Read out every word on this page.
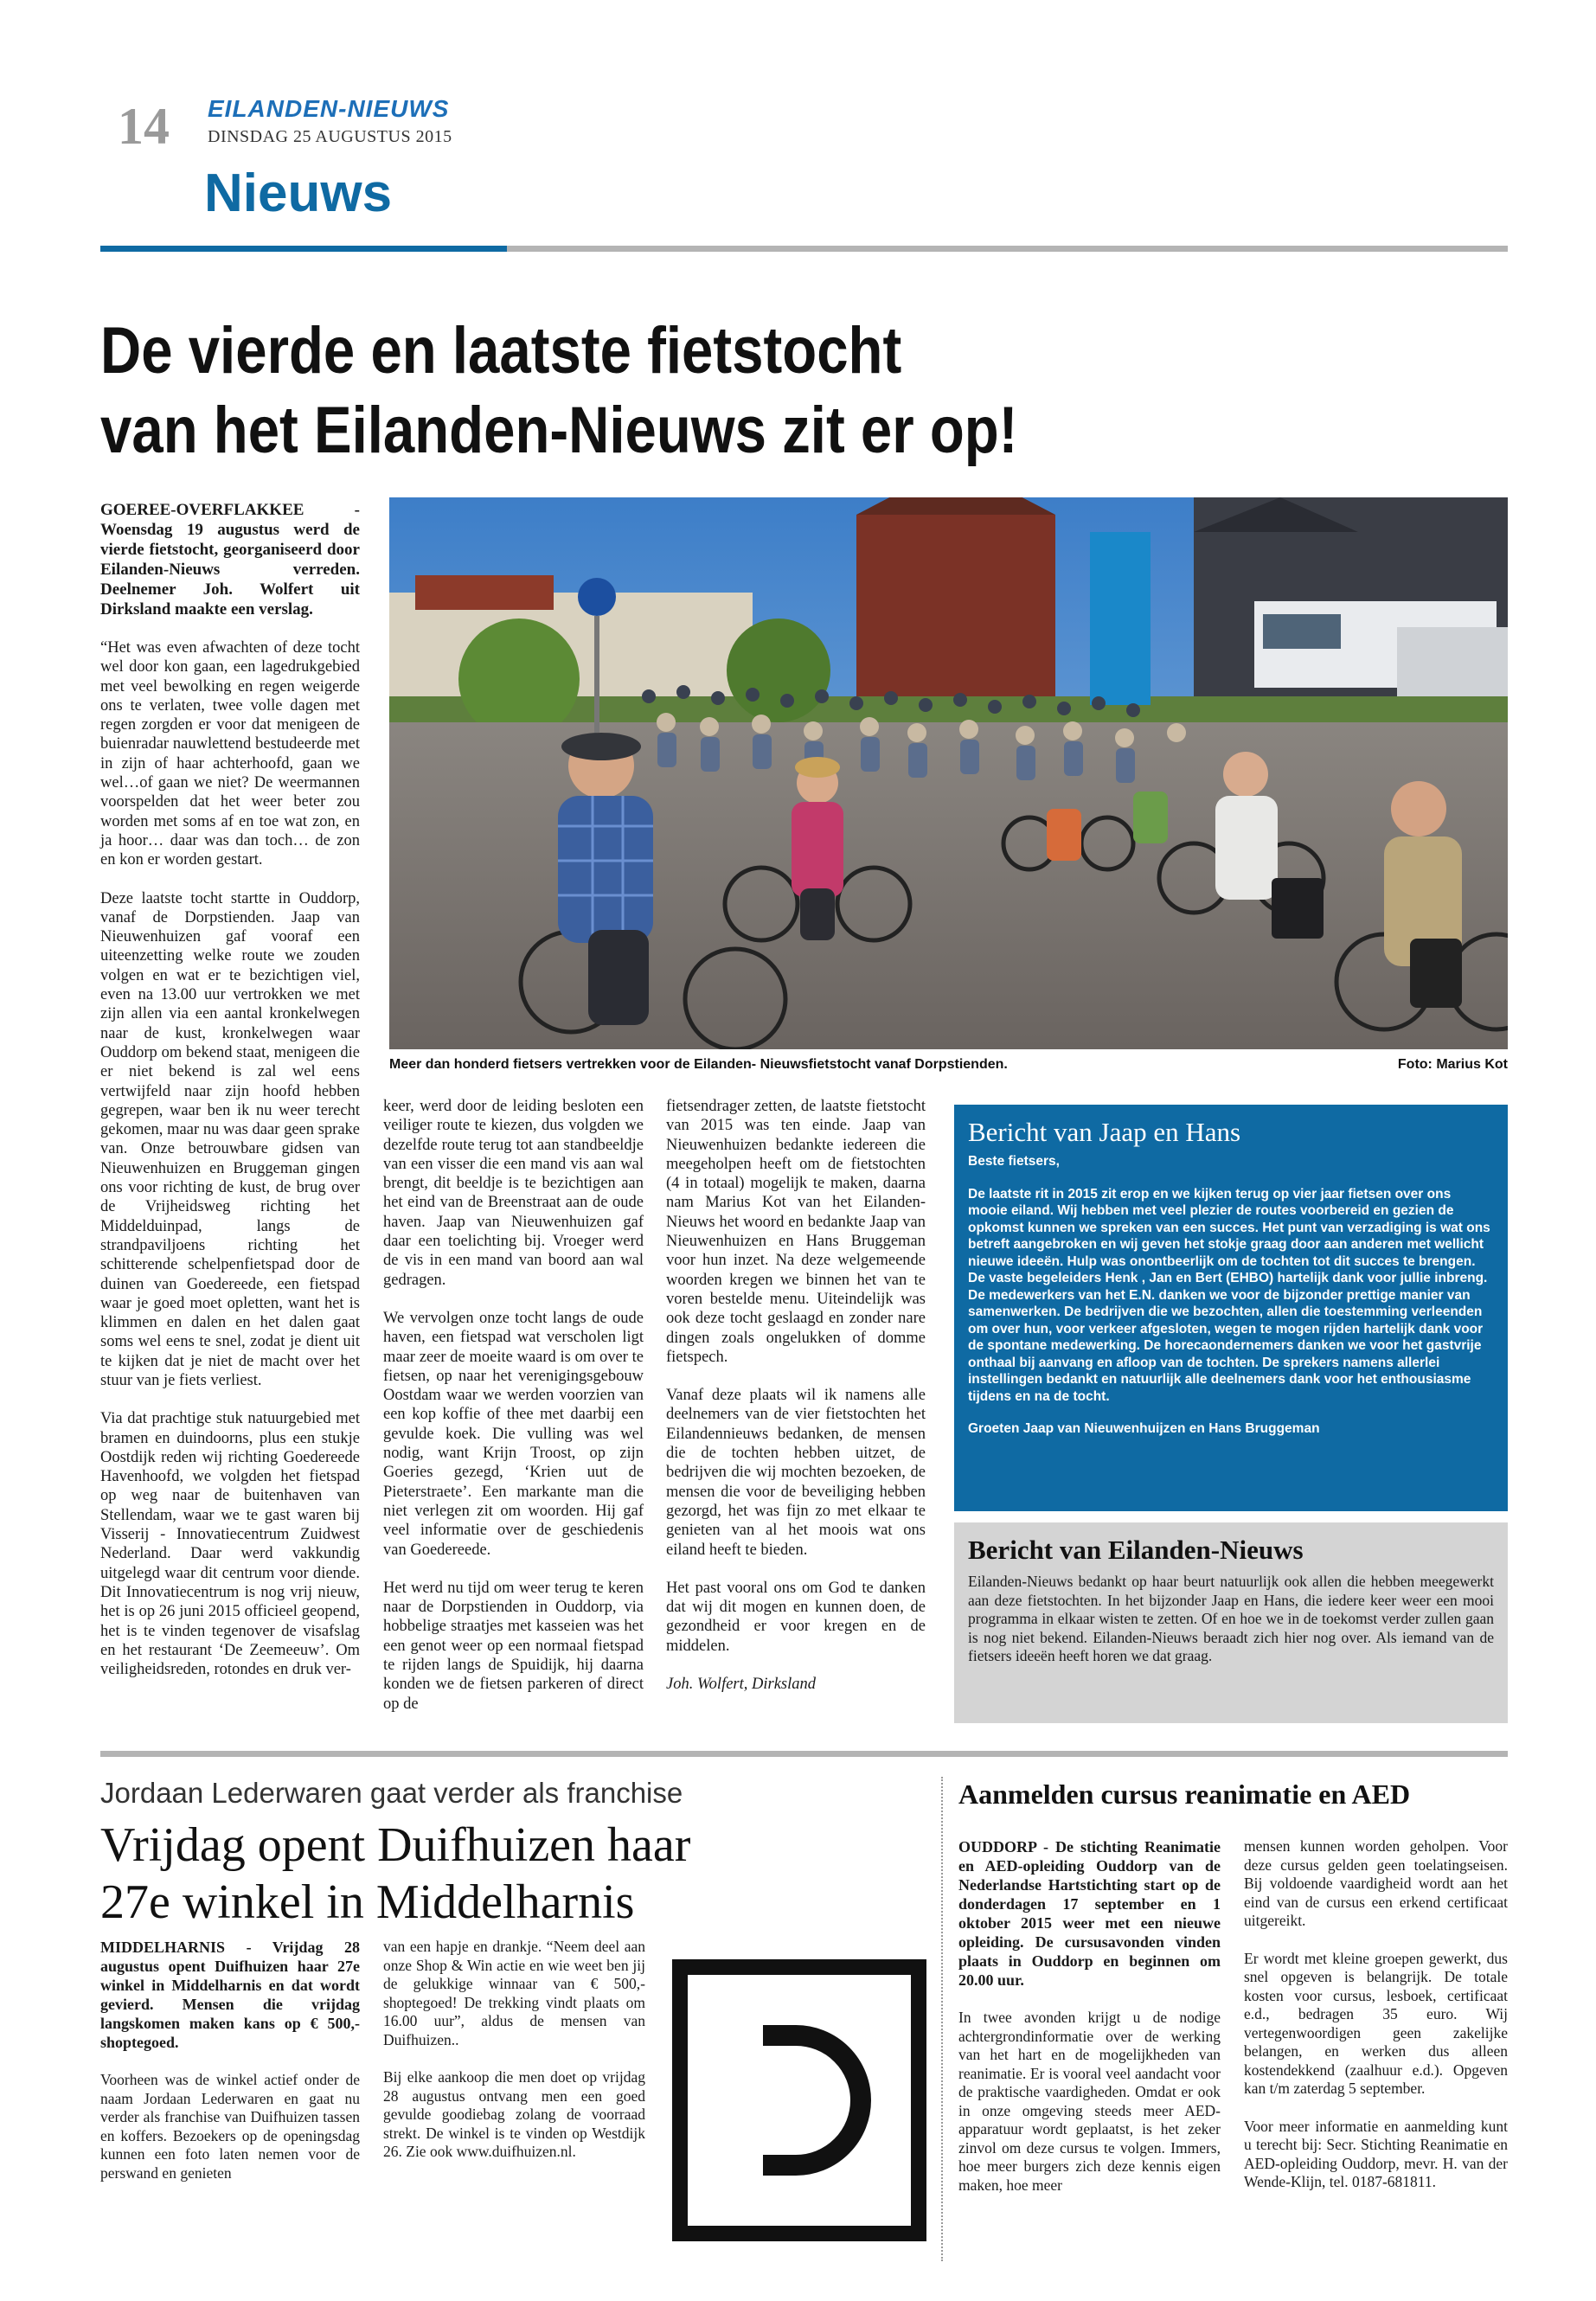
14 EILANDEN-NIEUWS
DINSDAG 25 AUGUSTUS 2015
Nieuws
De vierde en laatste fietstocht
van het Eilanden-Nieuws zit er op!

GOEREE-OVERFLAKKEE - Woensdag 19 augustus werd de vierde fietstocht, georganiseerd door Eilanden-Nieuws verreden. Deelnemer Joh. Wolfert uit Dirksland maakte een verslag.

“Het was even afwachten of deze tocht wel door kon gaan, een lagedrukgebied met veel bewolking en regen weigerde ons te verlaten, twee volle dagen met regen zorgden er voor dat menigeen de buienradar nauwlettend bestudeerde met in zijn of haar achterhoofd, gaan we wel…of gaan we niet? De weermannen voorspelden dat het weer beter zou worden met soms af en toe wat zon, en ja hoor… daar was dan toch… de zon en kon er worden gestart.

Deze laatste tocht startte in Ouddorp, vanaf de Dorpstienden. Jaap van Nieuwenhuizen gaf vooraf een uiteenzetting welke route we zouden volgen en wat er te bezichtigen viel, even na 13.00 uur vertrokken we met zijn allen via een aantal kronkelwegen naar de kust, kronkelwegen waar Ouddorp om bekend staat, menigeen die er niet bekend is zal wel eens vertwijfeld naar zijn hoofd hebben gegrepen, waar ben ik nu weer terecht gekomen, maar nu was daar geen sprake van. Onze betrouwbare gidsen van Nieuwenhuizen en Bruggeman gingen ons voor richting de kust, de brug over de Vrijheidsweg richting het Middelduinpad, langs de strandpaviljoens richting het schitterende schelpenfietspad door de duinen van Goedereede, een fietspad waar je goed moet opletten, want het is klimmen en dalen en het dalen gaat soms wel eens te snel, zodat je dient uit te kijken dat je niet de macht over het stuur van je fiets verliest.

Via dat prachtige stuk natuurgebied met bramen en duindoorns, plus een stukje Oostdijk reden wij richting Goedereede Havenhoofd, we volgden het fietspad op weg naar de buitenhaven van Stellendam, waar we te gast waren bij Visserij - Innovatiecentrum Zuidwest Nederland. Daar werd vakkundig uitgelegd waar dit centrum voor diende. Dit Innovatiecentrum is nog vrij nieuw, het is op 26 juni 2015 officieel geopend, het is te vinden tegenover de visafslag en het restaurant ‘De Zeemeeuw’. Om veiligheidsreden, rotondes en druk ver-

Meer dan honderd fietsers vertrekken voor de Eilanden- Nieuwsfietstocht vanaf Dorpstienden.	Foto: Marius Kot

keer, werd door de leiding besloten een veiliger route te kiezen, dus volgden we dezelfde route terug tot aan standbeeldje van een visser die een mand vis aan wal brengt, dit beeldje is te bezichtigen aan het eind van de Breenstraat aan de oude haven. Jaap van Nieuwenhuizen gaf daar een toelichting bij. Vroeger werd de vis in een mand van boord aan wal gedragen.

We vervolgen onze tocht langs de oude haven, een fietspad wat verscholen ligt maar zeer de moeite waard is om over te fietsen, op naar het verenigingsgebouw Oostdam waar we werden voorzien van een kop koffie of thee met daarbij een gevulde koek. Die vulling was wel nodig, want Krijn Troost, op zijn Goeries gezegd, ‘Krien uut de Pieterstraete’. Een markante man die niet verlegen zit om woorden. Hij gaf veel informatie over de geschiedenis van Goedereede.

Het werd nu tijd om weer terug te keren naar de Dorpstienden in Ouddorp, via hobbelige straatjes met kasseien was het een genot weer op een normaal fietspad te rijden langs de Spuidijk, hij daarna konden we de fietsen parkeren of direct op de

fietsendrager zetten, de laatste fietstocht van 2015 was ten einde. Jaap van Nieuwenhuizen bedankte iedereen die meegeholpen heeft om de fietstochten (4 in totaal) mogelijk te maken, daarna nam Marius Kot van het Eilanden-Nieuws het woord en bedankte Jaap van Nieuwenhuizen en Hans Bruggeman voor hun inzet. Na deze welgemeende woorden kregen we binnen het van te voren bestelde menu. Uiteindelijk was ook deze tocht geslaagd en zonder nare dingen zoals ongelukken of domme fietspech.

Vanaf deze plaats wil ik namens alle deelnemers van de vier fietstochten het Eilandennieuws bedanken, de mensen die de tochten hebben uitzet, de bedrijven die wij mochten bezoeken, de mensen die voor de beveiliging hebben gezorgd, het was fijn zo met elkaar te genieten van al het moois wat ons eiland heeft te bieden.

Het past vooral ons om God te danken dat wij dit mogen en kunnen doen, de gezondheid er voor kregen en de middelen.

Joh. Wolfert, Dirksland

Bericht van Jaap en Hans

Beste fietsers,

De laatste rit in 2015 zit erop en we kijken terug op vier jaar fietsen over ons mooie eiland. Wij hebben met veel plezier de routes voorbereid en gezien de opkomst kunnen we spreken van een succes. Het punt van verzadiging is wat ons betreft aangebroken en wij geven het stokje graag door aan anderen met wellicht nieuwe ideeën. Hulp was onontbeerlijk om de tochten tot dit succes te brengen. De vaste begeleiders Henk , Jan en Bert (EHBO) hartelijk dank voor jullie inbreng. De medewerkers van het E.N. danken we voor de bijzonder prettige manier van samenwerken. De bedrijven die we bezochten, allen die toestemming verleenden om over hun, voor verkeer afgesloten, wegen te mogen rijden hartelijk dank voor de spontane medewerking. De horecaondernemers danken we voor het gastvrije onthaal bij aanvang en afloop van de tochten. De sprekers namens allerlei instellingen bedankt en natuurlijk alle deelnemers dank voor het enthousiasme tijdens en na de tocht.

Groeten Jaap van Nieuwenhuijzen en Hans Bruggeman

Bericht van Eilanden-Nieuws
Eilanden-Nieuws bedankt op haar beurt natuurlijk ook allen die hebben meegewerkt aan deze fietstochten. In het bijzonder Jaap en Hans, die iedere keer weer een mooi programma in elkaar wisten te zetten. Of en hoe we in de toekomst verder zullen gaan is nog niet bekend. Eilanden-Nieuws beraadt zich hier nog over. Als iemand van de fietsers ideeën heeft horen we dat graag.
Jordaan Lederwaren gaat verder als franchise
Vrijdag opent Duifhuizen haar
27e winkel in Middelharnis

MIDDELHARNIS - Vrijdag 28 augustus opent Duifhuizen haar 27e winkel in Middelharnis en dat wordt gevierd. Mensen die vrijdag langskomen maken kans op € 500,- shoptegoed.

Voorheen was de winkel actief onder de naam Jordaan Lederwaren en gaat nu verder als franchise van Duifhuizen tassen en koffers. Bezoekers op de openingsdag kunnen een foto laten nemen voor de perswand en genieten

van een hapje en drankje. “Neem deel aan onze Shop & Win actie en wie weet ben jij de gelukkige winnaar van € 500,- shoptegoed! De trekking vindt plaats om 16.00 uur”, aldus de mensen van Duifhuizen..

Bij elke aankoop die men doet op vrijdag 28 augustus ontvang men een goed gevulde goodiebag zolang de voorraad strekt. De winkel is te vinden op Westdijk 26. Zie ook www.duifhuizen.nl.

Aanmelden cursus reanimatie en AED

OUDDORP - De stichting Reanimatie en AED-opleiding Ouddorp van de Nederlandse Hartstichting start op de donderdagen 17 september en 1 oktober 2015 weer met een nieuwe opleiding. De cursusavonden vinden plaats in Ouddorp en beginnen om 20.00 uur.

In twee avonden krijgt u de nodige achtergrondinformatie over de werking van het hart en de mogelijkheden van reanimatie. Er is vooral veel aandacht voor de praktische vaardigheden. Omdat er ook in onze omgeving steeds meer AED-apparatuur wordt geplaatst, is het zeker zinvol om deze cursus te volgen. Immers, hoe meer burgers zich deze kennis eigen maken, hoe meer

mensen kunnen worden geholpen. Voor deze cursus gelden geen toelatingseisen. Bij voldoende vaardigheid wordt aan het eind van de cursus een erkend certificaat uitgereikt.

Er wordt met kleine groepen gewerkt, dus snel opgeven is belangrijk. De totale kosten voor cursus, lesboek, certificaat e.d., bedragen 35 euro. Wij vertegenwoordigen geen zakelijke belangen, en werken dus alleen kostendekkend (zaalhuur e.d.). Opgeven kan t/m zaterdag 5 september.

Voor meer informatie en aanmelding kunt u terecht bij: Secr. Stichting Reanimatie en AED-opleiding Ouddorp, mevr. H. van der Wende-Klijn, tel. 0187-681811.
